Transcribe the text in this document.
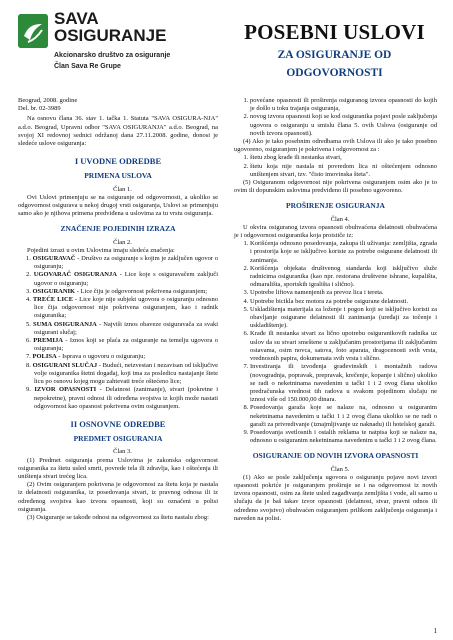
SAVA
OSIGURANJE
Akcionarsko društvo za osiguranje
Član Sava Re Grupe
POSEBNI USLOVI
ZA OSIGURANJE OD
ODGOVORNOSTI

Beograd, 2008. godine

Del. br. 02-3989

Na osnovu člana 36. stav 1. tačka 1. Statuta "SAVA OSIGURA-NJA" a.d.o. Beograd, Upravni odbor "SAVA OSIGURANJA" a.d.o. Beograd, na svojoj XI redovnoj sednici održanoj dana 27.11.2008. godine, donosi je sledeće uslove osiguranja:

I UVODNE ODREDBE
PRIMENA USLOVA

Član 1.

Ovi Uslovi primenjuju se na osiguranje od odgovornosti, a ukoliko se odgovornost osigurava u nekoj drugoj vrsti osiguranja, Uslovi se primenjuju samo ako je njihova primena predviđena u uslovima za tu vrstu osiguranja.

ZNAČENJE POJEDINIH IZRAZA

Član 2.

Pojedini izrazi u ovim Uslovima imaju sledeća značenja:

1. OSIGURAVAČ - Društvo za osiguranje s kojim je zaključen ugovor o osiguranju;

2. UGOVARAČ OSIGURANJA - Lice koje s osiguravačem zaključi ugovor o osiguranju;

3. OSIGURANIK - Lice čiju je odgovornost pokrivena osiguranjem;

4. TREĆE LICE - Lice koje nije subjekt ugovora o osiguranju odnosno lice čija odgovornost nije pokrivena osiguranjem, kao i radnik osiguranika;

5. SUMA OSIGURANJA - Najviši iznos obaveze osiguravača za svaki osigurani slučaj;

6. PREMIJA - Iznos koji se plaća za osiguranje na temelju ugovora o osiguranju;

7. POLISA - Isprava o ugovoru o osiguranju;

8. OSIGURANI SLUČAJ - Budući, neizvestan i nezavisan od isključive volje osiguranika štetni događaj, koji ima za posledicu nastajanje štete licu po osnovu kojeg mogu zahtevati treće oštećeno lice;

9. IZVOR OPASNOSTI - Delatnost (zanimanje), stvari (pokretne i nepokretne), pravni odnosi ili određena svojstva iz kojih može nastati odgovornost kao opasnost pokrivena ovim osiguranjem.

II OSNOVNE ODREDBE
PREDMET OSIGURANJA

Član 3.

(1) Predmet osiguranja prema Uslovima je zakonska odgovornost osiguranika za štetu usled smrti, povrede tela ili zdravlja, kao i oštećenja ili uništenja stvari trećeg lica.

(2) Ovim osiguranjem pokrivena je odgovornost za štetu koja je nastala iz delatnosti osiguranika, iz posedovanja stvari, iz pravnog odnosa ili iz određenog svojstva kao izvora opasnosti, koji su označeni u polisi osiguranja.

(3) Osiguranje se takođe odnosi na odgovornost za štetu nastalu zbog:

1. povećane opasnosti ili proširenja osiguranog izvora opasnosti do kojih je došlo u toku trajanja osiguranja,
2. novog izvora opasnosti koji se kod osiguranika pojavi posle zaključenja ugovora o osiguranju u smislu člana 5. ovih Uslova (osiguranje od novih izvora opasnosti).

(4) Ako je tako posebnim odredbama ovih Uslova ili ako je tako posebno ugovoreno, osiguranjem je pokrivena i odgovornost za :

1. štetu zbog krađe ili nestanka stvari,
2. štetu koja nije nastala ni povredom lica ni oštećenjem odnosno uništenjem stvari, tzv. "čisto imovinska šteta".

(5) Osiguranom odgovornost nije pokrivena osiguranjem osim ako je to ovim ili dopunskim uslovima predviđeno ili posebno ugovoreno.

PROŠIRENJE OSIGURANJA

Član 4.

U okvira osiguranog izvora opasnosti obuhvaćena delatnosti obuhvaćena je i odgovornost osiguranika koja proističe iz:

1. Korišćenja odnosno posedovanja, zakupa ili uživanja: zemljišta, zgrada i prostorija koje se isključivo koriste za potrebe osigurane delatnosti ili zanimanja.
2. Korišćenja objekata društvenog standarda koji isključivo služe radnicima osiguranika (kao npr. restorana društvene ishrane, kupališta, odmarališta, sportskih igrališta i slično).
3. Upotrebe liftova namenjenih za prevoz lica i tereta.
4. Upotrebe bicikla bez motora za potrebe osigurane delatnosti.
5. Uskladištenja materijala za loženje i pogon koji se isključivo koristi za obavljanje osigurane delatnosti ili zanimanja (uređaji za točenje i uskladištenje).
6. Krađe ili nestanka stvari za lično upotrebu osiguranikovih radnika uz uslov da su stvari smeštene u zaključanim prostorijama ili zaključanim ostavama, osim novca, satova, foto aparata, dragocenosti svih vrsta, vrednosnih papira, dokumenata svih vrsta i slično.
7. Investiranja ili izvođenja građevinskih i montažnih radova (novogradnja, popravak, prepravak, krečenje, kopanje i slično) ukoliko se radi o neketninama navedenim u tački 1 i 2 ovog člana ukoliko predračunska vrednost tih radova u svakom pojedinom slučaju ne iznosi više od 150.000,00 dinara.
8. Posedovanja garaža koje se nalaze na, odnosno u osiguranim neketninama navedenim u tački 1 i 2 ovog člana ukoliko se ne radi o garaži za privredivanje (iznajmljivanje uz naknadu) ili hotelskoj garaži.
9. Posedovanja svetlosnih i ostalih reklama te natpisa koji se nalaze na, odnosno u osiguranim neketninama navedenim u tački 1 i 2 ovog člana.
OSIGURANJE OD NOVIH IZVORA OPASNOSTI

Član 5.

(1) Ako se posle zaključenja ugovora o osiguranju pojave novi izvori opasnosti pokriće je osiguranjem proširuje se i na odgovornost iz novih izvora opasnosti, osim za štete usled zagađivanja zemljišta i vode, ali samo u slučaju da je baš takav izvor opasnosti (delatnost, stvar, pravni odnos ili određeno svojstvo) obuhvaćen osiguranjem prilikom zaključenja osiguranja i naveden na polisi.

1
